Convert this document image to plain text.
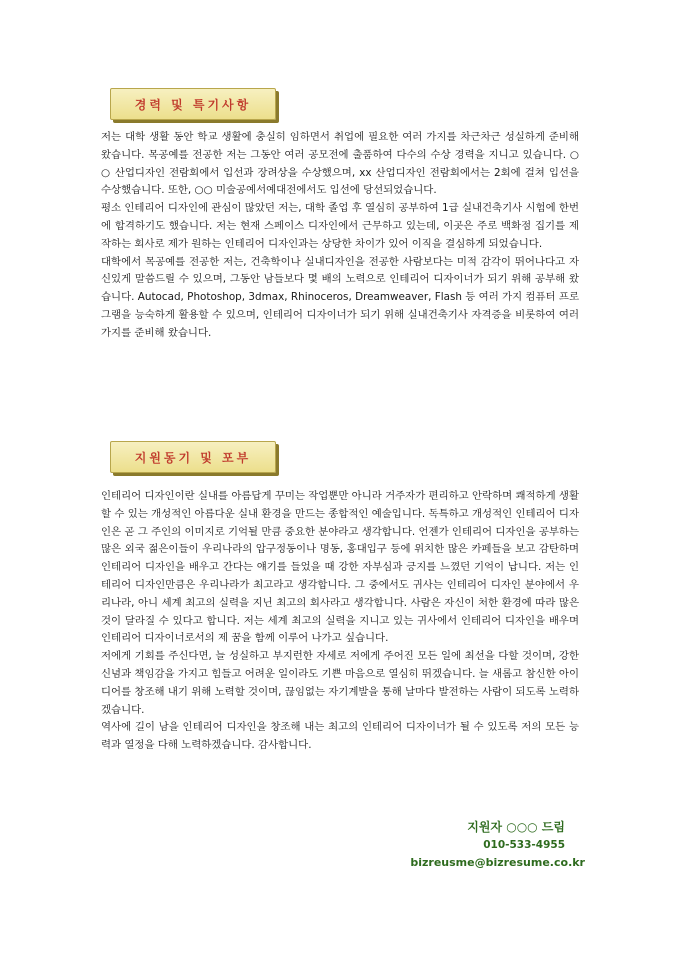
경력 및 특기사항

저는 대학 생활 동안 학교 생활에 충실히 임하면서 취업에 필요한 여러 가지를 차근차근 성실하게 준비해 왔습니다. 목공예를 전공한 저는 그동안 여러 공모전에 출품하여 다수의 수상 경력을 지니고 있습니다. ○○ 산업디자인 전람회에서 입선과 장려상을 수상했으며, xx 산업디자인 전람회에서는 2회에 걸쳐 입선을 수상했습니다. 또한, ○○ 미술공예서예대전에서도 입선에 당선되었습니다.

평소 인테리어 디자인에 관심이 많았던 저는, 대학 졸업 후 열심히 공부하여 1급 실내건축기사 시험에 한번에 합격하기도 했습니다. 저는 현재 스페이스 디자인에서 근무하고 있는데, 이곳은 주로 백화점 집기를 제작하는 회사로 제가 원하는 인테리어 디자인과는 상당한 차이가 있어 이직을 결심하게 되었습니다.

대학에서 목공예를 전공한 저는, 건축학이나 실내디자인을 전공한 사람보다는 미적 감각이 뛰어나다고 자신있게 말씀드릴 수 있으며, 그동안 남들보다 몇 배의 노력으로 인테리어 디자이너가 되기 위해 공부해 왔습니다. Autocad, Photoshop, 3dmax, Rhinoceros, Dreamweaver, Flash 등 여러 가지 컴퓨터 프로그램을 능숙하게 활용할 수 있으며, 인테리어 디자이너가 되기 위해 실내건축기사 자격증을 비롯하여 여러 가지를 준비해 왔습니다.

지원동기 및 포부

인테리어 디자인이란 실내를 아름답게 꾸미는 작업뿐만 아니라 거주자가 편리하고 안락하며 쾌적하게 생활할 수 있는 개성적인 아름다운 실내 환경을 만드는 종합적인 예술입니다. 독특하고 개성적인 인테리어 디자인은 곧 그 주인의 이미지로 기억될 만큼 중요한 분야라고 생각합니다. 언젠가 인테리어 디자인을 공부하는 많은 외국 젊은이들이 우리나라의 압구정동이나 명동, 홍대입구 등에 위치한 많은 카페들을 보고 감탄하며 인테리어 디자인을 배우고 간다는 얘기를 들었을 때 강한 자부심과 긍지를 느꼈던 기억이 납니다. 저는 인테리어 디자인만큼은 우리나라가 최고라고 생각합니다. 그 중에서도 귀사는 인테리어 디자인 분야에서 우리나라, 아니 세계 최고의 실력을 지닌 최고의 회사라고 생각합니다. 사람은 자신이 처한 환경에 따라 많은 것이 달라질 수 있다고 합니다. 저는 세계 최고의 실력을 지니고 있는 귀사에서 인테리어 디자인을 배우며 인테리어 디자이너로서의 제 꿈을 함께 이루어 나가고 싶습니다.

저에게 기회를 주신다면, 늘 성실하고 부지런한 자세로 저에게 주어진 모든 일에 최선을 다할 것이며, 강한 신념과 책임감을 가지고 힘들고 어려운 일이라도 기쁜 마음으로 열심히 뛰겠습니다. 늘 새롭고 참신한 아이디어를 창조해 내기 위해 노력할 것이며, 끊임없는 자기계발을 통해 날마다 발전하는 사람이 되도록 노력하겠습니다.

역사에 길이 남을 인테리어 디자인을 창조해 내는 최고의 인테리어 디자이너가 될 수 있도록 저의 모든 능력과 열정을 다해 노력하겠습니다. 감사합니다.

지원자 ○○○ 드림
010-533-4955
bizreusme@bizresume.co.kr
